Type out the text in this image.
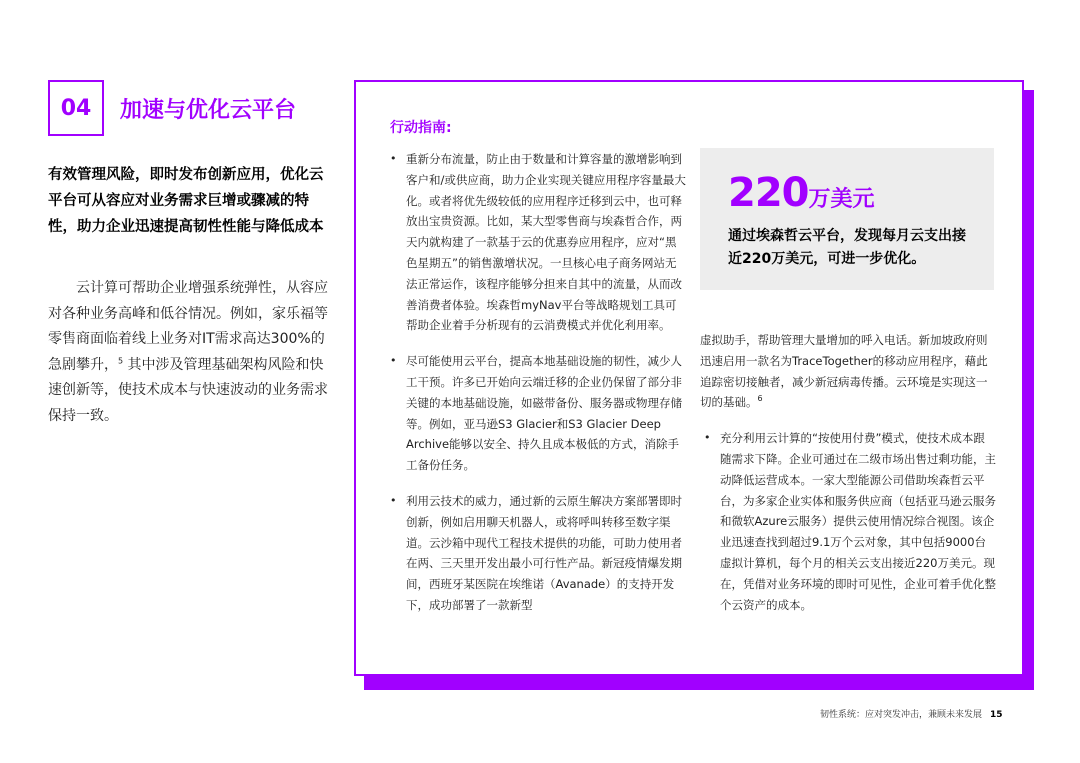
04 加速与优化云平台
有效管理风险，即时发布创新应用，优化云平台可从容应对业务需求巨增或骤减的特性，助力企业迅速提高韧性性能与降低成本
云计算可帮助企业增强系统弹性，从容应对各种业务高峰和低谷情况。例如，家乐福等零售商面临着线上业务对IT需求高达300%的急剧攀升，$^5$ 其中涉及管理基础架构风险和快速创新等，使技术成本与快速波动的业务需求保持一致。
行动指南:
• 重新分布流量，防止由于数量和计算容量的激增影响到客户和/或供应商，助力企业实现关键应用程序容量最大化。或者将优先级较低的应用程序迁移到云中，也可释放出宝贵资源。比如，某大型零售商与埃森哲合作，两天内就构建了一款基于云的优惠券应用程序，应对“黑色星期五”的销售激增状况。一旦核心电子商务网站无法正常运作，该程序能够分担来自其中的流量，从而改善消费者体验。埃森哲myNav平台等战略规划工具可帮助企业着手分析现有的云消费模式并优化利用率。
• 尽可能使用云平台，提高本地基础设施的韧性，减少人工干预。许多已开始向云端迁移的企业仍保留了部分非关键的本地基础设施，如磁带备份、服务器或物理存储等。例如，亚马逊S3 Glacier和S3 Glacier Deep Archive能够以安全、持久且成本极低的方式，消除手工备份任务。
• 利用云技术的威力，通过新的云原生解决方案部署即时创新，例如启用聊天机器人，或将呼叫转移至数字渠道。云沙箱中现代工程技术提供的功能，可助力使用者在两、三天里开发出最小可行性产品。新冠疫情爆发期间，西班牙某医院在埃维诺（Avanade）的支持开发下，成功部署了一款新型
220万美元
通过埃森哲云平台，发现每月云支出接近220万美元，可进一步优化。
虚拟助手，帮助管理大量增加的呼入电话。新加坡政府则迅速启用一款名为TraceTogether的移动应用程序，藉此追踪密切接触者，减少新冠病毒传播。云环境是实现这一切的基础。$^6$
• 充分利用云计算的“按使用付费”模式，使技术成本跟随需求下降。企业可通过在二级市场出售过剩功能，主动降低运营成本。一家大型能源公司借助埃森哲云平台，为多家企业实体和服务供应商（包括亚马逊云服务和微软Azure云服务）提供云使用情况综合视图。该企业迅速查找到超过9.1万个云对象，其中包括9000台虚拟计算机，每个月的相关云支出接近220万美元。现在，凭借对业务环境的即时可见性，企业可着手优化整个云资产的成本。
韧性系统：应对突发冲击，兼顾未来发展 15
